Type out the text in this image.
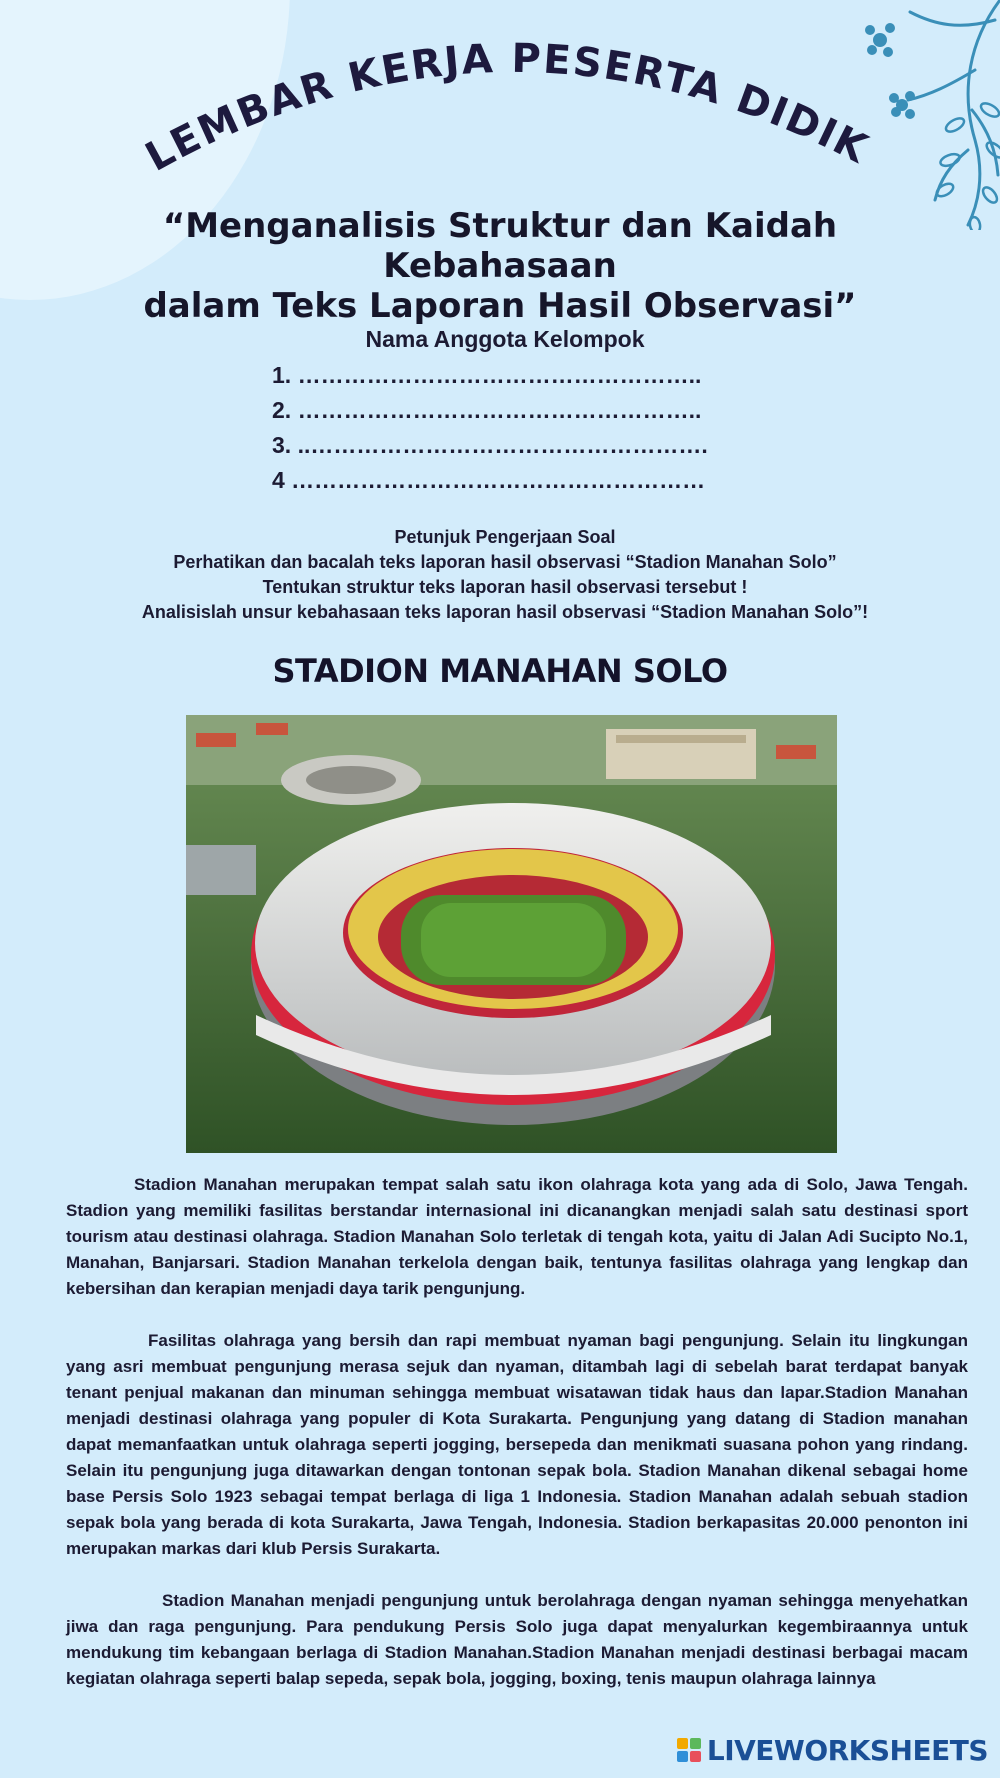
LEMBAR KERJA PESERTA DIDIK
“Menganalisis Struktur dan Kaidah Kebahasaan
dalam Teks Laporan Hasil Observasi”
Nama Anggota Kelompok
1. ……………………………………………..
2. ……………………………………………..
3. ..…………………………………………….
4 ………………………………………………
Petunjuk Pengerjaan Soal
Perhatikan dan bacalah teks laporan hasil observasi “Stadion Manahan Solo”
Tentukan struktur teks laporan hasil observasi tersebut !
Analisislah unsur kebahasaan teks laporan hasil observasi “Stadion Manahan Solo”!
STADION MANAHAN SOLO

Stadion Manahan merupakan tempat salah satu ikon olahraga kota yang ada di Solo, Jawa Tengah. Stadion yang memiliki fasilitas berstandar internasional ini dicanangkan menjadi salah satu destinasi sport tourism atau destinasi olahraga. Stadion Manahan Solo terletak di tengah kota, yaitu di Jalan Adi Sucipto No.1, Manahan, Banjarsari. Stadion Manahan terkelola dengan baik, tentunya fasilitas olahraga yang lengkap dan kebersihan dan kerapian menjadi daya tarik pengunjung.

Fasilitas olahraga yang bersih dan rapi membuat nyaman bagi pengunjung. Selain itu lingkungan yang asri membuat pengunjung merasa sejuk dan nyaman, ditambah lagi di sebelah barat terdapat banyak tenant penjual makanan dan minuman sehingga membuat wisatawan tidak haus dan lapar.Stadion Manahan menjadi destinasi olahraga yang populer di Kota Surakarta. Pengunjung yang datang di Stadion manahan dapat memanfaatkan untuk olahraga seperti jogging, bersepeda dan menikmati suasana pohon yang rindang. Selain itu pengunjung juga ditawarkan dengan tontonan sepak bola. Stadion Manahan dikenal sebagai home base Persis Solo 1923 sebagai tempat berlaga di liga 1 Indonesia. Stadion Manahan adalah sebuah stadion sepak bola yang berada di kota Surakarta, Jawa Tengah, Indonesia. Stadion berkapasitas 20.000 penonton ini merupakan markas dari klub Persis Surakarta.

Stadion Manahan menjadi pengunjung untuk berolahraga dengan nyaman sehingga menyehatkan jiwa dan raga pengunjung. Para pendukung Persis Solo juga dapat menyalurkan kegembiraannya untuk mendukung tim kebangaan berlaga di Stadion Manahan.Stadion Manahan menjadi destinasi berbagai macam kegiatan olahraga seperti balap sepeda, sepak bola, jogging, boxing, tenis maupun olahraga lainnya

LIVEWORKSHEETS
